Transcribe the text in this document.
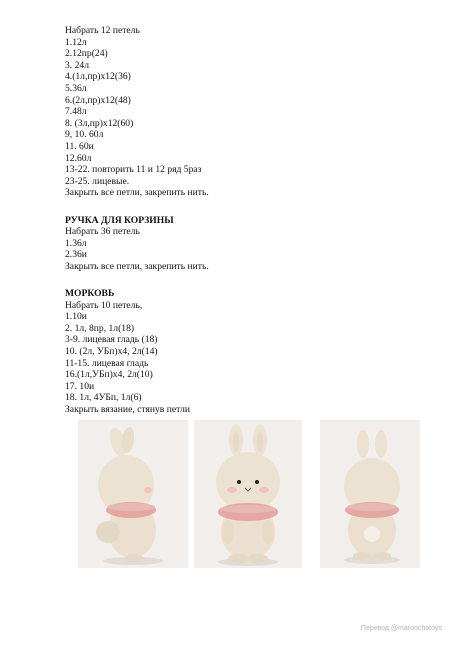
Набрать 12 петель
1.12л
2.12пр(24)
3. 24л
4.(1л,пр)х12(36)
5.36л
6.(2л,пр)х12(48)
7.48л
8. (3л,пр)х12(60)
9, 10. 60л
11. 60и
12.60л
13-22. повторить 11 и 12 ряд 5раз
23-25. лицевые.
Закрыть все петли, закрепить нить.
РУЧКА ДЛЯ КОРЗИНЫ
Набрать 36 петель
1.36л
2.36и
Закрыть все петли, закрепить нить.
МОРКОВЬ
Набрать 10 петель,
1.10и
2. 1л, 8пр, 1л(18)
3-9. лицевая гладь (18)
10. (2л, УБп)х4, 2л(14)
11-15. лицевая гладь
16.(1л,УБп)х4, 2л(10)
17. 10и
18. 1л, 4УБп, 1л(6)
Закрыть вязание, стянув петли
Перевод @maroochatoys
